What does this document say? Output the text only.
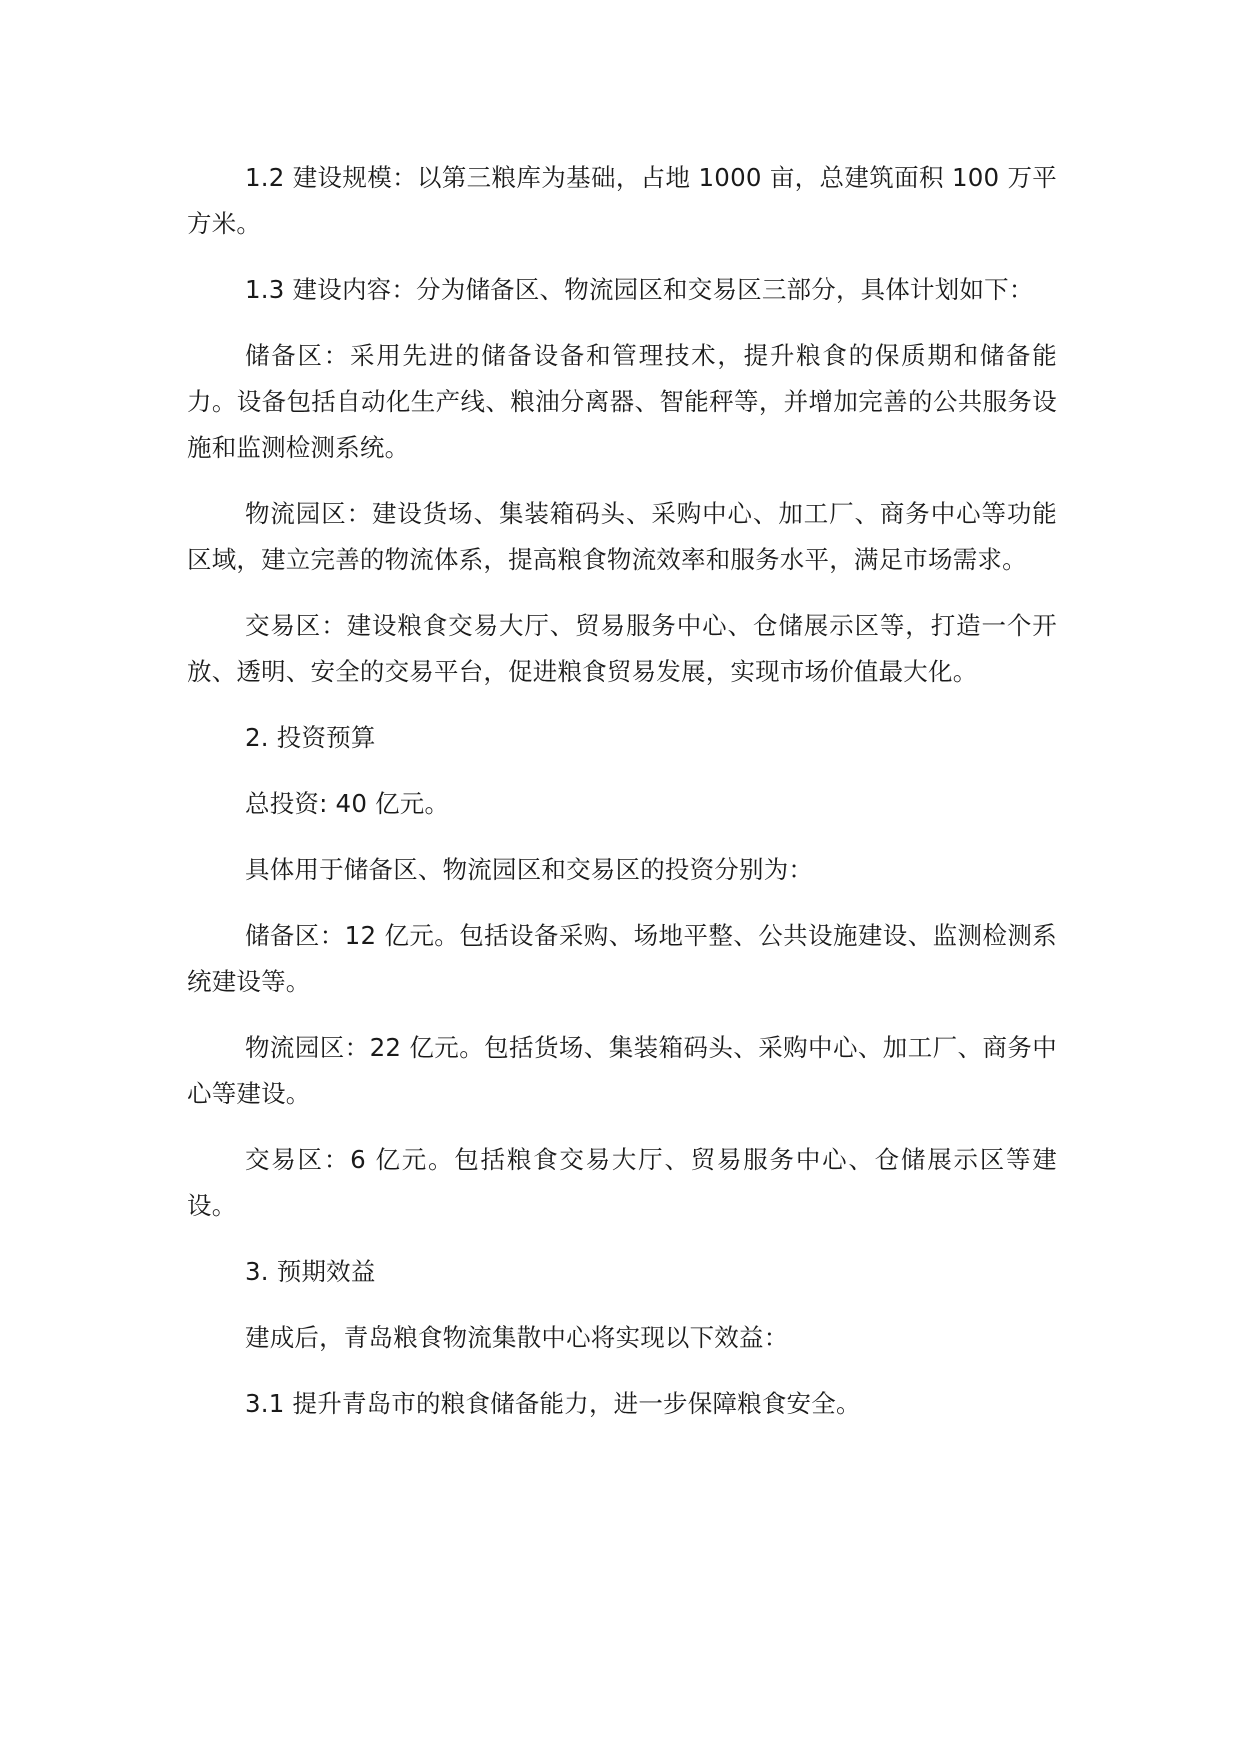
1.2 建设规模：以第三粮库为基础，占地 1000 亩，总建筑面积 100 万平方米。

1.3 建设内容：分为储备区、物流园区和交易区三部分，具体计划如下：

储备区：采用先进的储备设备和管理技术，提升粮食的保质期和储备能力。设备包括自动化生产线、粮油分离器、智能秤等，并增加完善的公共服务设施和监测检测系统。

物流园区：建设货场、集装箱码头、采购中心、加工厂、商务中心等功能区域，建立完善的物流体系，提高粮食物流效率和服务水平，满足市场需求。

交易区：建设粮食交易大厅、贸易服务中心、仓储展示区等，打造一个开放、透明、安全的交易平台，促进粮食贸易发展，实现市场价值最大化。

2. 投资预算

总投资: 40 亿元。

具体用于储备区、物流园区和交易区的投资分别为：

储备区：12 亿元。包括设备采购、场地平整、公共设施建设、监测检测系统建设等。

物流园区：22 亿元。包括货场、集装箱码头、采购中心、加工厂、商务中心等建设。

交易区：6 亿元。包括粮食交易大厅、贸易服务中心、仓储展示区等建设。

3. 预期效益

建成后，青岛粮食物流集散中心将实现以下效益：

3.1 提升青岛市的粮食储备能力，进一步保障粮食安全。
